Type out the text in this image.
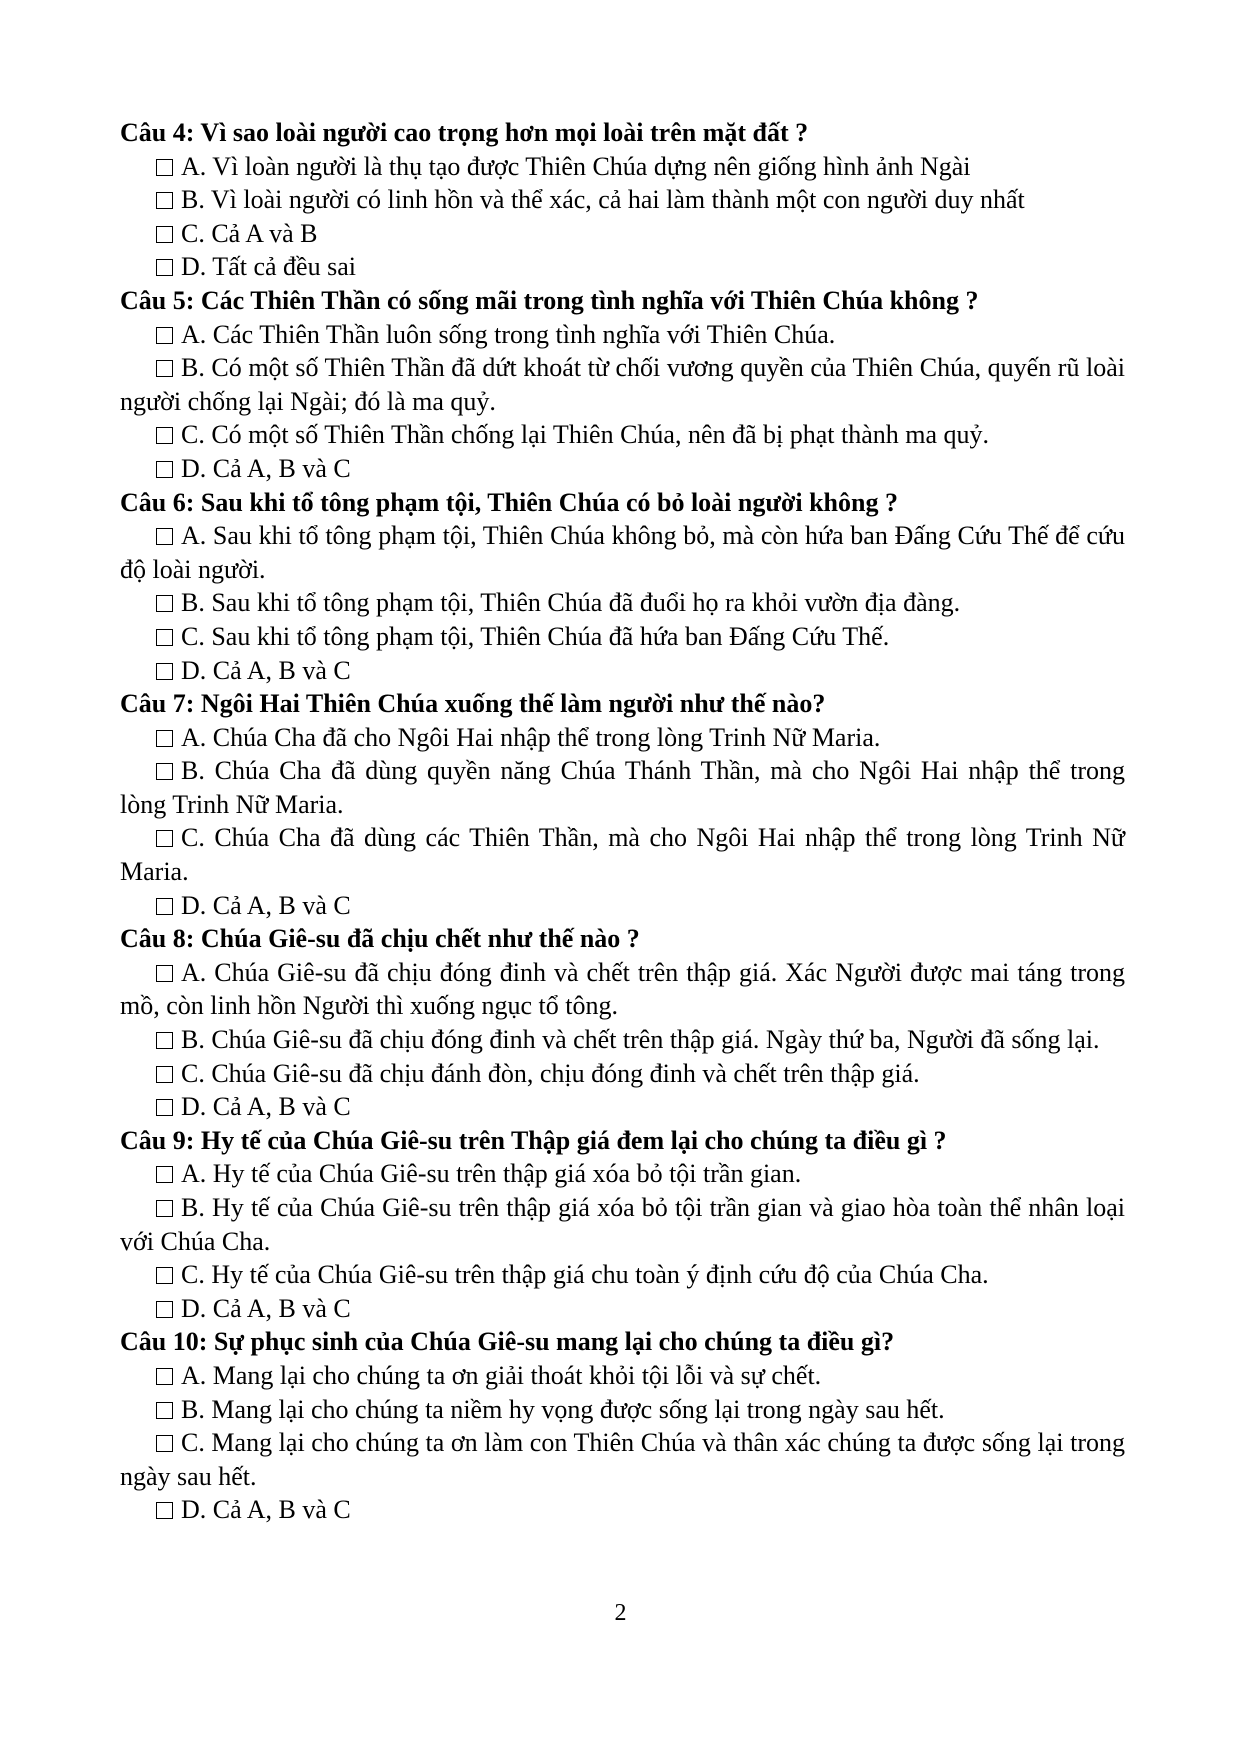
Câu 4: Vì sao loài người cao trọng hơn mọi loài trên mặt đất ?

A. Vì loàn người là thụ tạo được Thiên Chúa dựng nên giống hình ảnh Ngài

B. Vì loài người có linh hồn và thể xác, cả hai làm thành một con người duy nhất

C. Cả A và B

D. Tất cả đều sai

Câu 5: Các Thiên Thần có sống mãi trong tình nghĩa với Thiên Chúa không ?

A. Các Thiên Thần luôn sống trong tình nghĩa với Thiên Chúa.

B. Có một số Thiên Thần đã dứt khoát từ chối vương quyền của Thiên Chúa, quyến rũ loài người chống lại Ngài; đó là ma quỷ.

C. Có một số Thiên Thần chống lại Thiên Chúa, nên đã bị phạt thành ma quỷ.

D. Cả A, B và C

Câu 6: Sau khi tổ tông phạm tội, Thiên Chúa có bỏ loài người không ?

A. Sau khi tổ tông phạm tội, Thiên Chúa không bỏ, mà còn hứa ban Đấng Cứu Thế để cứu độ loài người.

B. Sau khi tổ tông phạm tội, Thiên Chúa đã đuổi họ ra khỏi vườn địa đàng.

C. Sau khi tổ tông phạm tội, Thiên Chúa đã hứa ban Đấng Cứu Thế.

D. Cả A, B và C

Câu 7: Ngôi Hai Thiên Chúa xuống thế làm người như thế nào?

A. Chúa Cha đã cho Ngôi Hai nhập thể trong lòng Trinh Nữ Maria.

B. Chúa Cha đã dùng quyền năng Chúa Thánh Thần, mà cho Ngôi Hai nhập thể trong lòng Trinh Nữ Maria.

C. Chúa Cha đã dùng các Thiên Thần, mà cho Ngôi Hai nhập thể trong lòng Trinh Nữ Maria.

D. Cả A, B và C

Câu 8: Chúa Giê-su đã chịu chết như thế nào ?

A. Chúa Giê-su đã chịu đóng đinh và chết trên thập giá. Xác Người được mai táng trong mồ, còn linh hồn Người thì xuống ngục tổ tông.

B. Chúa Giê-su đã chịu đóng đinh và chết trên thập giá. Ngày thứ ba, Người đã sống lại.

C. Chúa Giê-su đã chịu đánh đòn, chịu đóng đinh và chết trên thập giá.

D. Cả A, B và C

Câu 9: Hy tế của Chúa Giê-su trên Thập giá đem lại cho chúng ta điều gì ?

A. Hy tế của Chúa Giê-su trên thập giá xóa bỏ tội trần gian.

B. Hy tế của Chúa Giê-su trên thập giá xóa bỏ tội trần gian và giao hòa toàn thể nhân loại với Chúa Cha.

C. Hy tế của Chúa Giê-su trên thập giá chu toàn ý định cứu độ của Chúa Cha.

D. Cả A, B và C

Câu 10: Sự phục sinh của Chúa Giê-su mang lại cho chúng ta điều gì?

A. Mang lại cho chúng ta ơn giải thoát khỏi tội lỗi và sự chết.

B. Mang lại cho chúng ta niềm hy vọng được sống lại trong ngày sau hết.

C. Mang lại cho chúng ta ơn làm con Thiên Chúa và thân xác chúng ta được sống lại trong ngày sau hết.

D. Cả A, B và C

2
